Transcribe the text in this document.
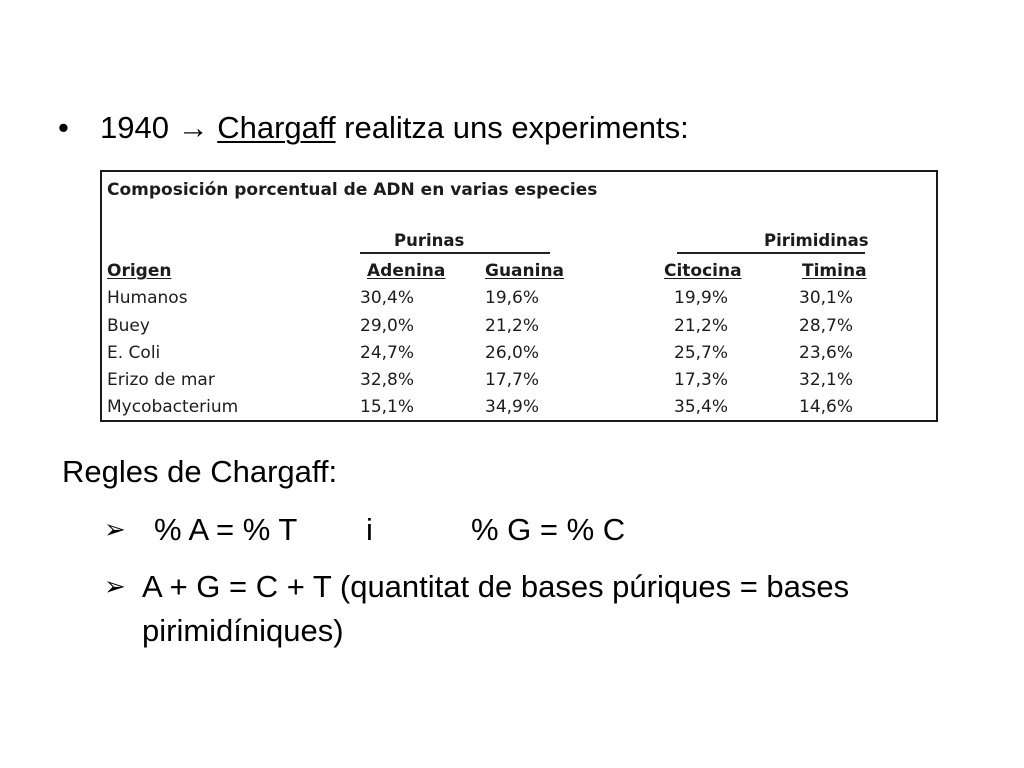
• 1940 → Chargaff realitza uns experiments:
Composición porcentual de ADN en varias especies
Purinas	Pirimidinas
Origen	Adenina Guanina	Citocina	Timina
Humanos	30,4%	19,6%	19,9%	30,1%
Buey	29,0%	21,2%	21,2%	28,7%
E. Coli	24,7%	26,0%	25,7%	23,6%
Erizo de mar	32,8%	17,7%	17,3%	32,1%
Mycobacterium	15,1%	34,9%	35,4%	14,6%
Regles de Chargaff:
➢ % A = % T i	% G = % C
➢ A + G = C + T (quantitat de bases púriques = bases pirimidíniques)
